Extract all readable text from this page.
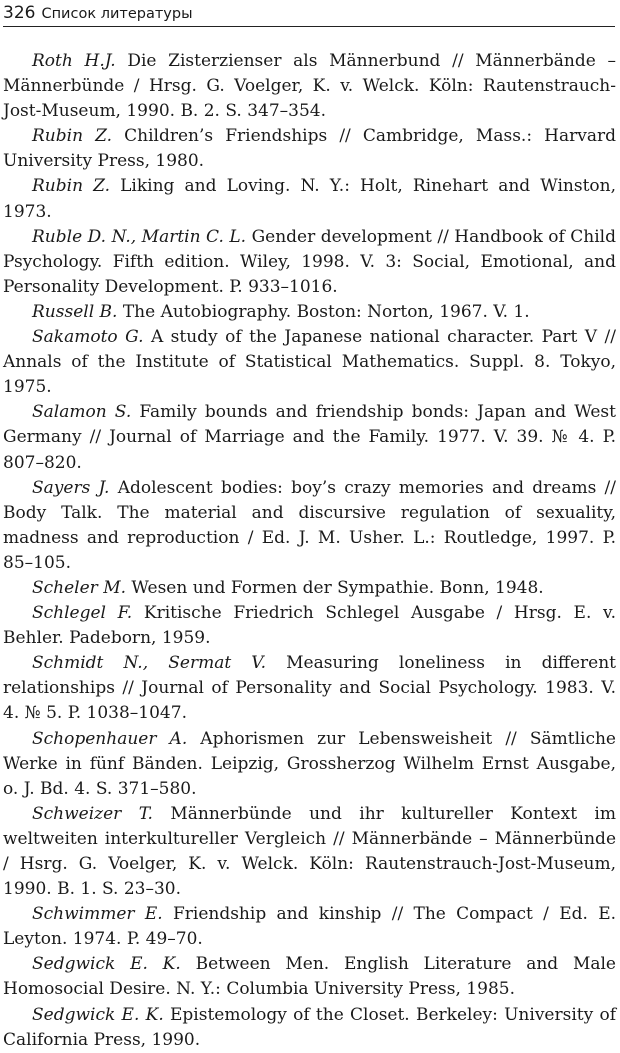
326 Список литературы
Roth H.J. Die Zisterzienser als Männerbund // Männerbände – Männerbünde / Hrsg. G. Voelger, K. v. Welck. Köln: Rautenstrauch-Jost-Museum, 1990. B. 2. S. 347–354.
Rubin Z. Children’s Friendships // Cambridge, Mass.: Harvard University Press, 1980.
Rubin Z. Liking and Loving. N. Y.: Holt, Rinehart and Winston, 1973.
Ruble D. N., Martin C. L. Gender development // Handbook of Child Psychology. Fifth edition. Wiley, 1998. V. 3: Social, Emotional, and Personality Development. P. 933–1016.
Russell B. The Autobiography. Boston: Norton, 1967. V. 1.
Sakamoto G. A study of the Japanese national character. Part V // Annals of the Institute of Statistical Mathematics. Suppl. 8. Tokyo, 1975.
Salamon S. Family bounds and friendship bonds: Japan and West Germany // Journal of Marriage and the Family. 1977. V. 39. № 4. P. 807–820.
Sayers J. Adolescent bodies: boy’s crazy memories and dreams // Body Talk. The material and discursive regulation of sexuality, madness and reproduction / Ed. J. M. Usher. L.: Routledge, 1997. P. 85–105.
Scheler M. Wesen und Formen der Sympathie. Bonn, 1948.
Schlegel F. Kritische Friedrich Schlegel Ausgabe / Hrsg. E. v. Behler. Padeborn, 1959.
Schmidt N., Sermat V. Measuring loneliness in different relationships // Journal of Personality and Social Psychology. 1983. V. 4. № 5. P. 1038–1047.
Schopenhauer A. Aphorismen zur Lebensweisheit // Sämtliche Werke in fünf Bänden. Leipzig, Grossherzog Wilhelm Ernst Ausgabe, o. J. Bd. 4. S. 371–580.
Schweizer T. Männerbünde und ihr kultureller Kontext im weltweiten interkultureller Vergleich // Männerbände – Männerbünde / Hsrg. G. Voelger, K. v. Welck. Köln: Rautenstrauch-Jost-Museum, 1990. B. 1. S. 23–30.
Schwimmer E. Friendship and kinship // The Compact / Ed. E. Leyton. 1974. P. 49–70.
Sedgwick E. K. Between Men. English Literature and Male Homosocial Desire. N. Y.: Columbia University Press, 1985.
Sedgwick E. K. Epistemology of the Closet. Berkeley: University of California Press, 1990.
